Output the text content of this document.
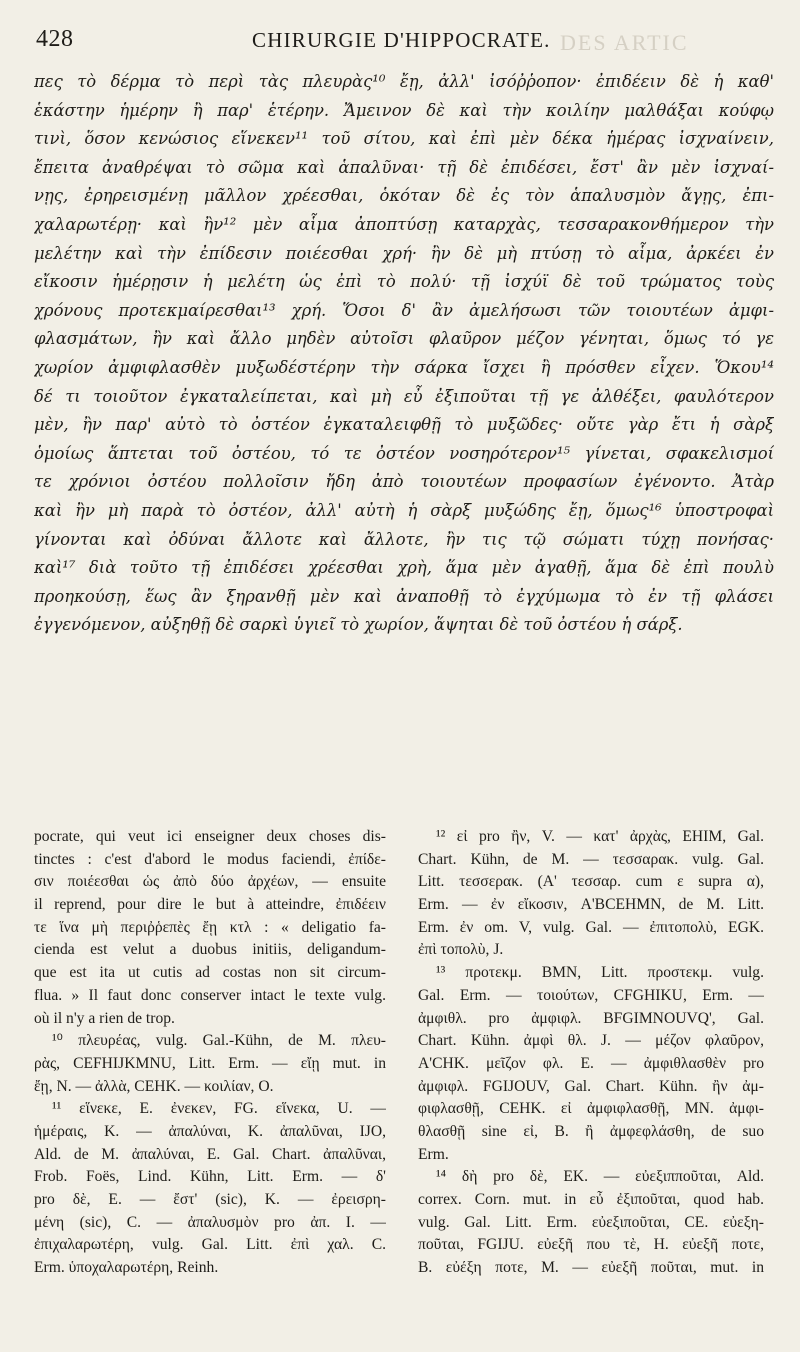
DES ARTIC
428	CHIRURGIE D'HIPPOCRATE.
πες τὸ δέρμα τὸ περὶ τὰς πλευρὰς¹⁰ ἔῃ, ἀλλ' ἰσόῤῥοπον· ἐπιδέειν δὲ ἡ καθ'
ἑκάστην ἡμέρην ἢ παρ' ἑτέρην. Ἄμεινον δὲ καὶ τὴν κοιλίην μαλθάξαι κούφῳ
τινὶ, ὅσον κενώσιος εἵνεκεν¹¹ τοῦ σίτου, καὶ ἐπὶ μὲν δέκα ἡμέρας ἰσχναίνειν,
ἔπειτα ἀναθρέψαι τὸ σῶμα καὶ ἁπαλῦναι· τῇ δὲ ἐπιδέσει, ἔστ' ἂν μὲν ἰσχναί-
νῃς, ἐρηρεισμένῃ μᾶλλον χρέεσθαι, ὁκόταν δὲ ἐς τὸν ἁπαλυσμὸν ἄγῃς, ἐπι-
χαλαρωτέρῃ· καὶ ἢν¹² μὲν αἷμα ἀποπτύσῃ καταρχὰς, τεσσαρακονθήμερον τὴν
μελέτην καὶ τὴν ἐπίδεσιν ποιέεσθαι χρή· ἢν δὲ μὴ πτύσῃ τὸ αἷμα, ἀρκέει ἐν
εἴκοσιν ἡμέρῃσιν ἡ μελέτη ὡς ἐπὶ τὸ πολύ· τῇ ἰσχύϊ δὲ τοῦ τρώματος τοὺς
χρόνους προτεκμαίρεσθαι¹³ χρή. Ὅσοι δ' ἂν ἀμελήσωσι τῶν τοιουτέων ἀμφι-
φλασμάτων, ἢν καὶ ἄλλο μηδὲν αὐτοῖσι φλαῦρον μέζον γένηται, ὅμως τό γε
χωρίον ἀμφιφλασθὲν μυξωδέστέρην τὴν σάρκα ἴσχει ἢ πρόσθεν εἶχεν. Ὅκου¹⁴
δέ τι τοιοῦτον ἐγκαταλείπεται, καὶ μὴ εὖ ἐξιπoῦται τῇ γε ἀλθέξει, φαυλότερον
μὲν, ἢν παρ' αὐτὸ τὸ ὀστέον ἐγκαταλειφθῇ τὸ μυξῶδες· οὔτε γὰρ ἔτι ἡ σὰρξ
ὁμοίως ἅπτεται τοῦ ὀστέου, τό τε ὀστέον νοσηρότερον¹⁵ γίνεται, σφακελισμοί
τε χρόνιοι ὀστέου πολλοῖσιν ἤδη ἀπὸ τοιουτέων προφασίων ἐγένοντο. Ἀτὰρ
καὶ ἢν μὴ παρὰ τὸ ὀστέον, ἀλλ' αὐτὴ ἡ σὰρξ μυξώδης ἔῃ, ὅμως¹⁶ ὑποστροφαὶ
γίνονται καὶ ὀδύναι ἄλλοτε καὶ ἄλλοτε, ἢν τις τῷ σώματι τύχῃ πονήσας·
καὶ¹⁷ διὰ τοῦτο τῇ ἐπιδέσει χρέεσθαι χρὴ, ἅμα μὲν ἀγαθῇ, ἅμα δὲ ἐπὶ πουλὺ
προηκούσῃ, ἕως ἂν ξηρανθῇ μὲν καὶ ἀναποθῇ τὸ ἐγχύμωμα τὸ ἐν τῇ φλάσει
ἐγγενόμενον, αὐξηθῇ δὲ σαρκὶ ὑγιεῖ τὸ χωρίον, ἅψηται δὲ τοῦ ὀστέου ἡ σάρξ.
pocrate, qui veut ici enseigner deux choses dis-
tinctes : c'est d'abord le modus faciendi, ἐπίδε-
σιν ποιέεσθαι ὡς ἀπὸ δύο ἀρχέων, — ensuite
il reprend, pour dire le but à atteindre, ἐπιδέειν
τε ἵνα μὴ περιῤῥεπὲς ἔῃ κτλ : « deligatio fa-
cienda est velut a duobus initiis, deligandum-
que est ita ut cutis ad costas non sit circum-
flua. » Il faut donc conserver intact le texte vulg.
où il n'y a rien de trop.
¹⁰ πλευρέας, vulg. Gal.-Kühn, de M. πλευ-
ρὰς, CEFHIJKMNU, Litt. Erm. — εἴῃ mut. in
ἔῃ, N. — ἀλλὰ, CEHK. — κοιλίαν, O.
¹¹ εἵνεκε, E. ἐνεκεν, FG. εἵνεκα, U. —
ἡμέραις, K. — ἀπαλύναι, K. ἀπαλῦναι, IJO,
Ald. de M. ἀπαλύναι, E. Gal. Chart. ἀπαλῦναι,
Frob. Foës, Lind. Kühn, Litt. Erm. — δ'
pro δὲ, E. — ἔστ' (sic), K. — ἐρεισρη-
μένη (sic), C. — ἀπαλυσμὸν pro ἀπ. I. —
ἐπιχαλαρωτέρη, vulg. Gal. Litt. ἐπὶ χαλ. C.
Erm. ὑποχαλαρωτέρη, Reinh.
¹² εἰ pro ἢν, V. — κατ' ἀρχὰς, EHIM, Gal.
Chart. Kühn, de M. — τεσσαρακ. vulg. Gal.
Litt. τεσσερακ. (Α' τεσσαρ. cum ε supra α),
Erm. — ἐν εἴκοσιν, A'BCEHMN, de M. Litt.
Erm. ἐν om. V, vulg. Gal. — ἐπιτοπολὺ, EGK.
ἐπὶ τοπολὺ, J.
¹³ προτεκμ. BMN, Litt. προστεκμ. vulg.
Gal. Erm. — τοιούτων, CFGHIKU, Erm. —
ἀμφιθλ. pro ἀμφιφλ. BFGIMNOUVQ', Gal.
Chart. Kühn. ἀμφὶ θλ. J. — μέζον φλαῦρον,
A'CHK. μεῖζον φλ. E. — ἀμφιθλασθὲν pro
ἀμφιφλ. FGIJOUV, Gal. Chart. Kühn. ἢν ἀμ-
φιφλασθῇ, CEHK. εἰ ἀμφιφλασθῇ, MN. ἀμφι-
θλασθῇ sine εἰ, B. ἢ ἀμφεφλάσθη, de suo
Erm.
¹⁴ δὴ pro δὲ, EK. — εὐεξιπποῦται, Ald.
correx. Corn. mut. in εὖ ἐξιποῦται, quod hab.
vulg. Gal. Litt. Erm. εὐεξιποῦται, CE. εὐεξη-
ποῦται, FGIJU. εὐεξῆ που τὲ, H. εὐεξῆ ποτε,
B. εὐέξη ποτε, M. — εὐεξῆ ποῦται, mut. in
